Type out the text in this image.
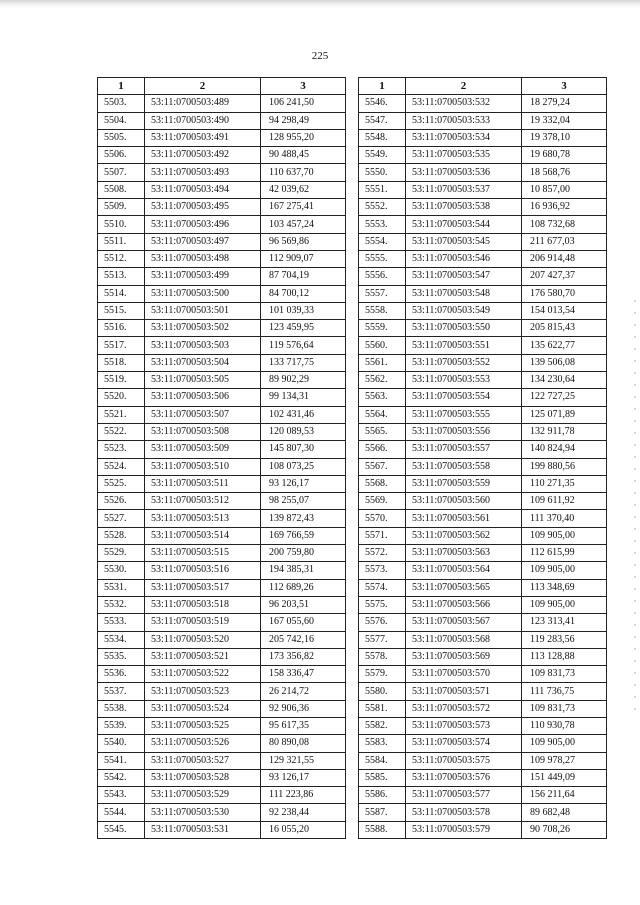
225
1	2	3
5503.	53:11:0700503:489	106 241,50
5504.	53:11:0700503:490	94 298,49
5505.	53:11:0700503:491	128 955,20
5506.	53:11:0700503:492	90 488,45
5507.	53:11:0700503:493	110 637,70
5508.	53:11:0700503:494	42 039,62
5509.	53:11:0700503:495	167 275,41
5510.	53:11:0700503:496	103 457,24
5511.	53:11:0700503:497	96 569,86
5512.	53:11:0700503:498	112 909,07
5513.	53:11:0700503:499	87 704,19
5514.	53:11:0700503:500	84 700,12
5515.	53:11:0700503:501	101 039,33
5516.	53:11:0700503:502	123 459,95
5517.	53:11:0700503:503	119 576,64
5518.	53:11:0700503:504	133 717,75
5519.	53:11:0700503:505	89 902,29
5520.	53:11:0700503:506	99 134,31
5521.	53:11:0700503:507	102 431,46
5522.	53:11:0700503:508	120 089,53
5523.	53:11:0700503:509	145 807,30
5524.	53:11:0700503:510	108 073,25
5525.	53:11:0700503:511	93 126,17
5526.	53:11:0700503:512	98 255,07
5527.	53:11:0700503:513	139 872,43
5528.	53:11:0700503:514	169 766,59
5529.	53:11:0700503:515	200 759,80
5530.	53:11:0700503:516	194 385,31
5531.	53:11:0700503:517	112 689,26
5532.	53:11:0700503:518	96 203,51
5533.	53:11:0700503:519	167 055,60
5534.	53:11:0700503:520	205 742,16
5535.	53:11:0700503:521	173 356,82
5536.	53:11:0700503:522	158 336,47
5537.	53:11:0700503:523	26 214,72
5538.	53:11:0700503:524	92 906,36
5539.	53:11:0700503:525	95 617,35
5540.	53:11:0700503:526	80 890,08
5541.	53:11:0700503:527	129 321,55
5542.	53:11:0700503:528	93 126,17
5543.	53:11:0700503:529	111 223,86
5544.	53:11:0700503:530	92 238,44
5545.	53:11:0700503:531	16 055,20
1	2	3
5546.	53:11:0700503:532	18 279,24
5547.	53:11:0700503:533	19 332,04
5548.	53:11:0700503:534	19 378,10
5549.	53:11:0700503:535	19 680,78
5550.	53:11:0700503:536	18 568,76
5551.	53:11:0700503:537	10 857,00
5552.	53:11:0700503:538	16 936,92
5553.	53:11:0700503:544	108 732,68
5554.	53:11:0700503:545	211 677,03
5555.	53:11:0700503:546	206 914,48
5556.	53:11:0700503:547	207 427,37
5557.	53:11:0700503:548	176 580,70
5558.	53:11:0700503:549	154 013,54
5559.	53:11:0700503:550	205 815,43
5560.	53:11:0700503:551	135 622,77
5561.	53:11:0700503:552	139 506,08
5562.	53:11:0700503:553	134 230,64
5563.	53:11:0700503:554	122 727,25
5564.	53:11:0700503:555	125 071,89
5565.	53:11:0700503:556	132 911,78
5566.	53:11:0700503:557	140 824,94
5567.	53:11:0700503:558	199 880,56
5568.	53:11:0700503:559	110 271,35
5569.	53:11:0700503:560	109 611,92
5570.	53:11:0700503:561	111 370,40
5571.	53:11:0700503:562	109 905,00
5572.	53:11:0700503:563	112 615,99
5573.	53:11:0700503:564	109 905,00
5574.	53:11:0700503:565	113 348,69
5575.	53:11:0700503:566	109 905,00
5576.	53:11:0700503:567	123 313,41
5577.	53:11:0700503:568	119 283,56
5578.	53:11:0700503:569	113 128,88
5579.	53:11:0700503:570	109 831,73
5580.	53:11:0700503:571	111 736,75
5581.	53:11:0700503:572	109 831,73
5582.	53:11:0700503:573	110 930,78
5583.	53:11:0700503:574	109 905,00
5584.	53:11:0700503:575	109 978,27
5585.	53:11:0700503:576	151 449,09
5586.	53:11:0700503:577	156 211,64
5587.	53:11:0700503:578	89 682,48
5588.	53:11:0700503:579	90 708,26
